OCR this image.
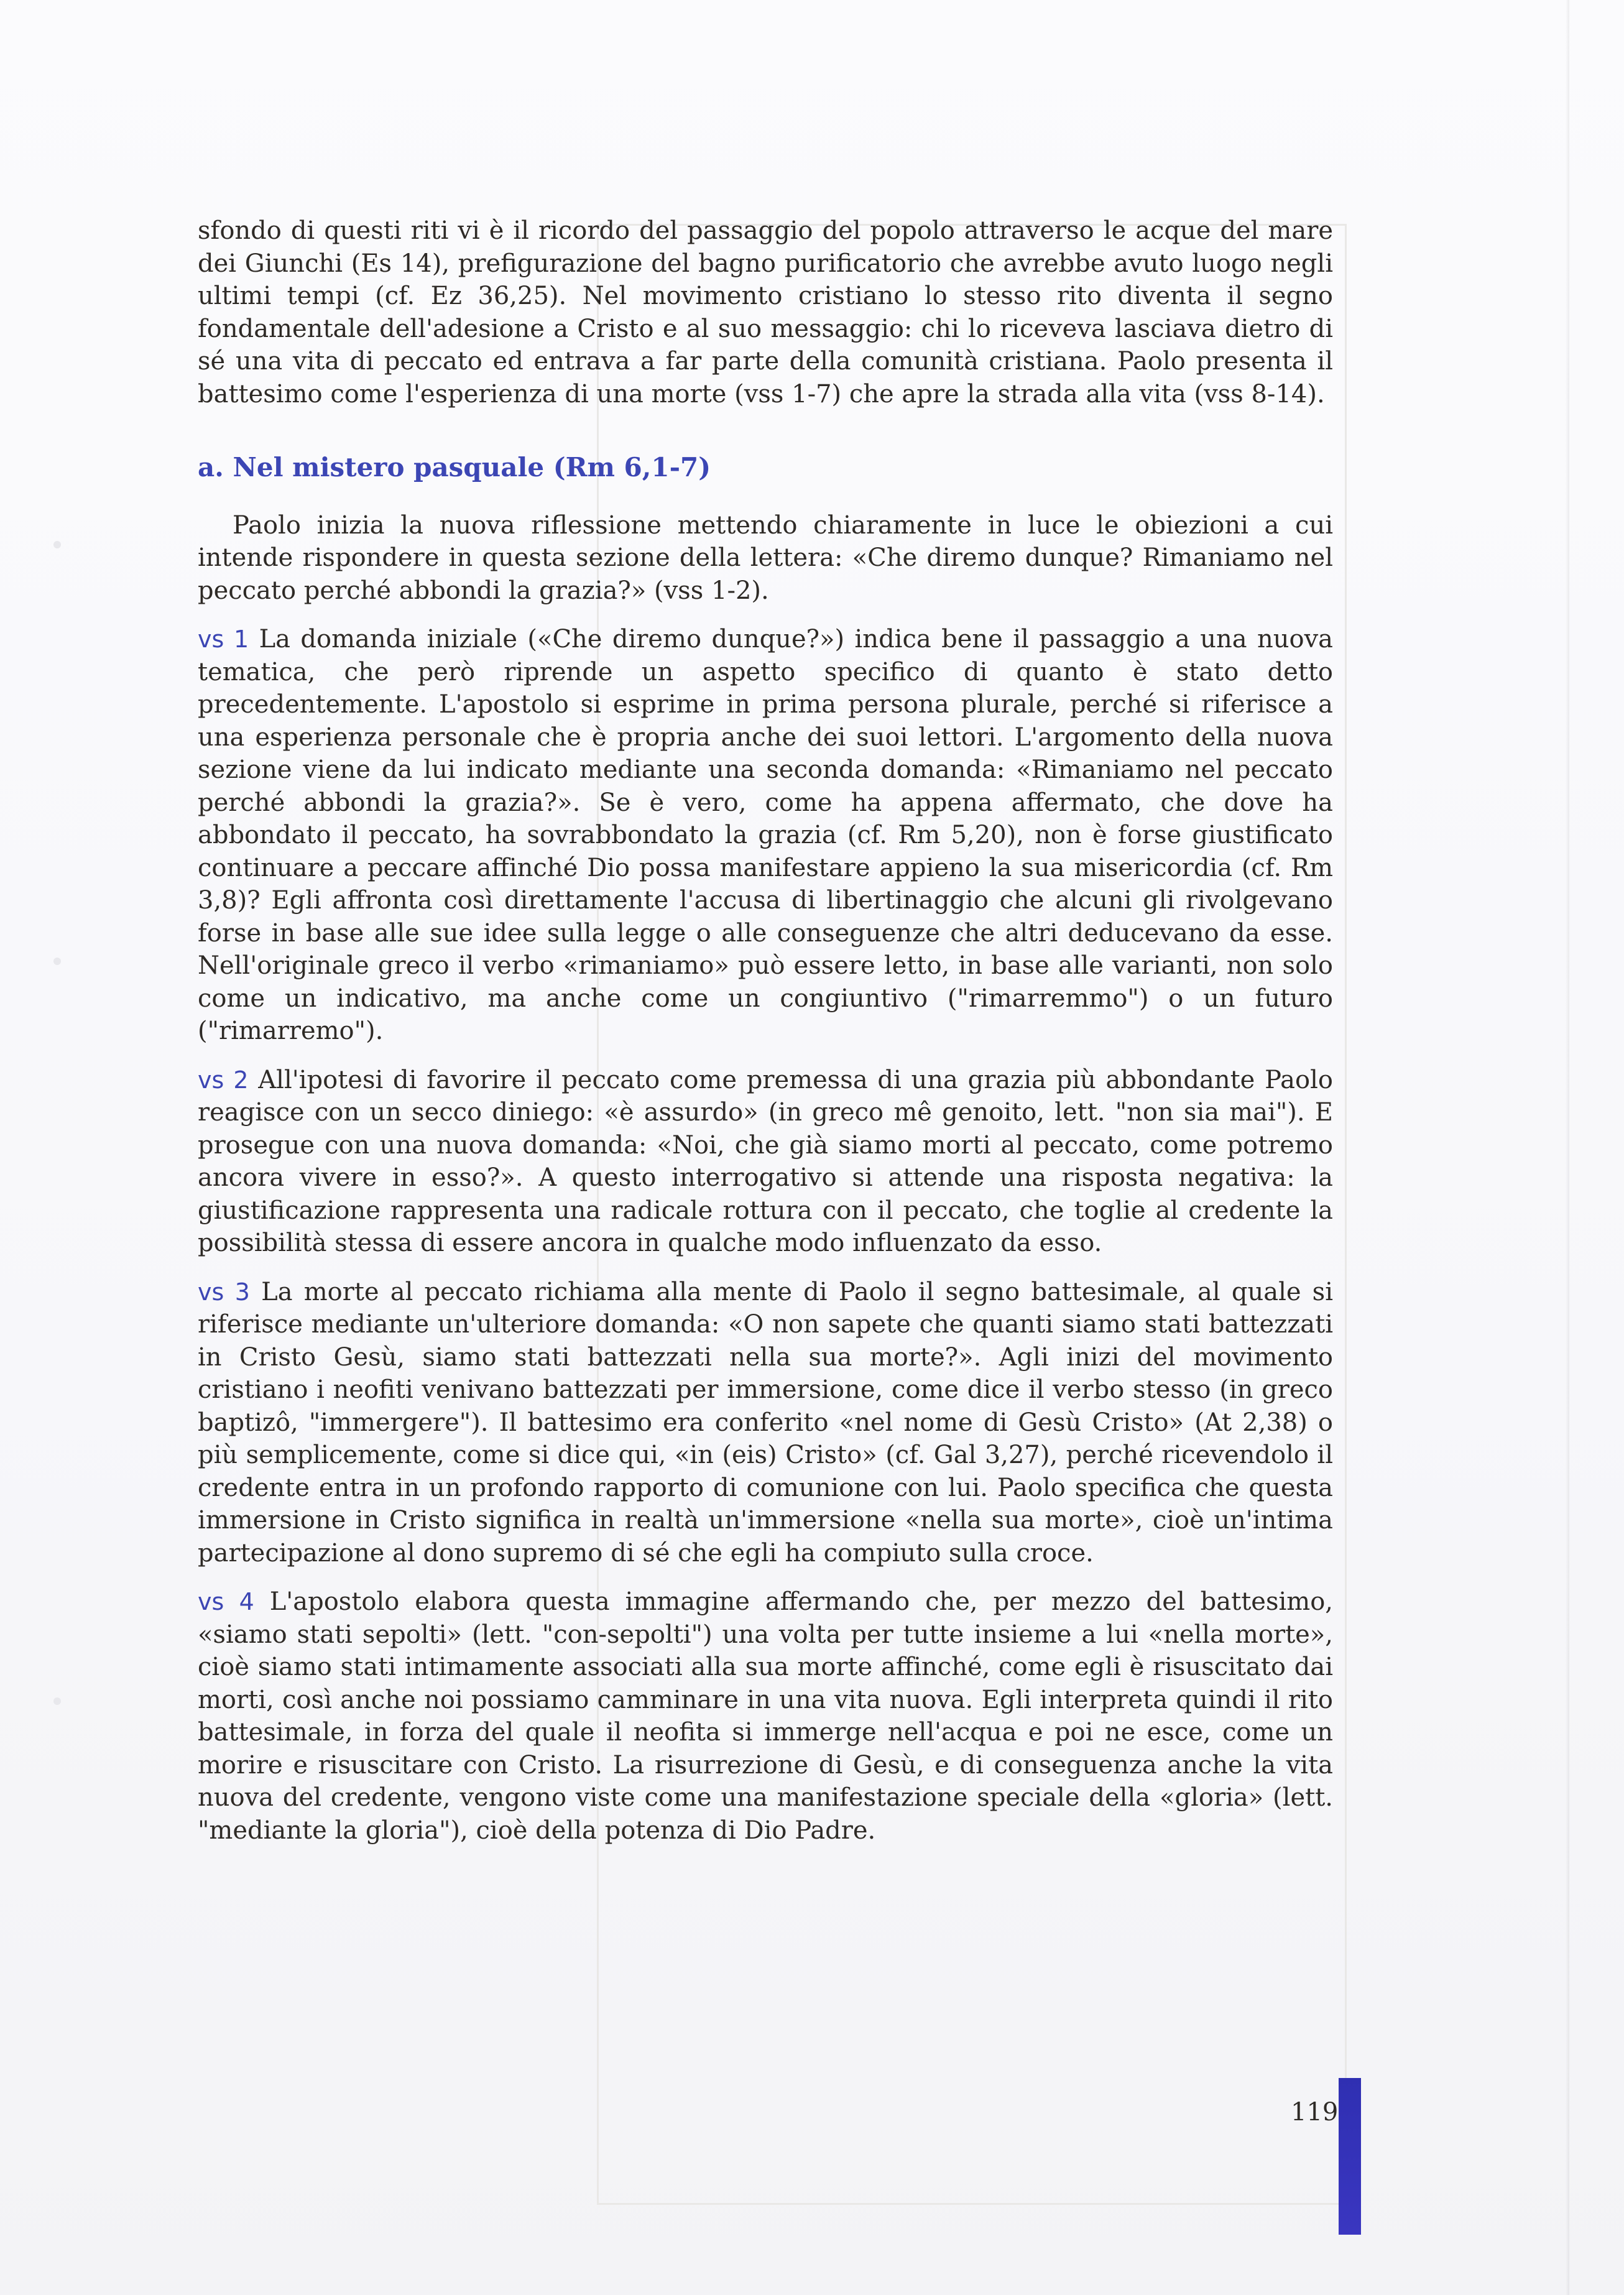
sfondo di questi riti vi è il ricordo del passaggio del popolo attraverso le acque del mare dei Giunchi (Es 14), prefigurazione del bagno purificatorio che avrebbe avuto luogo negli ultimi tempi (cf. Ez 36,25). Nel movimento cristiano lo stesso rito diventa il segno fondamentale dell'adesione a Cristo e al suo messaggio: chi lo riceveva lasciava dietro di sé una vita di peccato ed entrava a far parte della comunità cristiana. Paolo presenta il battesimo come l'esperienza di una morte (vss 1-7) che apre la strada alla vita (vss 8-14).

a. Nel mistero pasquale (Rm 6,1-7)

Paolo inizia la nuova riflessione mettendo chiaramente in luce le obiezioni a cui intende rispondere in questa sezione della lettera: «Che diremo dunque? Rimaniamo nel peccato perché abbondi la grazia?» (vss 1-2).

vs 1 La domanda iniziale («Che diremo dunque?») indica bene il passaggio a una nuova tematica, che però riprende un aspetto specifico di quanto è stato detto precedentemente. L'apostolo si esprime in prima persona plurale, perché si riferisce a una esperienza personale che è propria anche dei suoi lettori. L'argomento della nuova sezione viene da lui indicato mediante una seconda domanda: «Rimaniamo nel peccato perché abbondi la grazia?». Se è vero, come ha appena affermato, che dove ha abbondato il peccato, ha sovrabbondato la grazia (cf. Rm 5,20), non è forse giustificato continuare a peccare affinché Dio possa manifestare appieno la sua misericordia (cf. Rm 3,8)? Egli affronta così direttamente l'accusa di libertinaggio che alcuni gli rivolgevano forse in base alle sue idee sulla legge o alle conseguenze che altri deducevano da esse. Nell'originale greco il verbo «rimaniamo» può essere letto, in base alle varianti, non solo come un indicativo, ma anche come un congiuntivo ("rimarremmo") o un futuro ("rimarremo").

vs 2 All'ipotesi di favorire il peccato come premessa di una grazia più abbondante Paolo reagisce con un secco diniego: «è assurdo» (in greco mê genoito, lett. "non sia mai"). E prosegue con una nuova domanda: «Noi, che già siamo morti al peccato, come potremo ancora vivere in esso?». A questo interrogativo si attende una risposta negativa: la giustificazione rappresenta una radicale rottura con il peccato, che toglie al credente la possibilità stessa di essere ancora in qualche modo influenzato da esso.

vs 3 La morte al peccato richiama alla mente di Paolo il segno battesimale, al quale si riferisce mediante un'ulteriore domanda: «O non sapete che quanti siamo stati battezzati in Cristo Gesù, siamo stati battezzati nella sua morte?». Agli inizi del movimento cristiano i neofiti venivano battezzati per immersione, come dice il verbo stesso (in greco baptizô, "immergere"). Il battesimo era conferito «nel nome di Gesù Cristo» (At 2,38) o più semplicemente, come si dice qui, «in (eis) Cristo» (cf. Gal 3,27), perché ricevendolo il credente entra in un profondo rapporto di comunione con lui. Paolo specifica che questa immersione in Cristo significa in realtà un'immersione «nella sua morte», cioè un'intima partecipazione al dono supremo di sé che egli ha compiuto sulla croce.

vs 4 L'apostolo elabora questa immagine affermando che, per mezzo del battesimo, «siamo stati sepolti» (lett. "con-sepolti") una volta per tutte insieme a lui «nella morte», cioè siamo stati intimamente associati alla sua morte affinché, come egli è risuscitato dai morti, così anche noi possiamo camminare in una vita nuova. Egli interpreta quindi il rito battesimale, in forza del quale il neofita si immerge nell'acqua e poi ne esce, come un morire e risuscitare con Cristo. La risurrezione di Gesù, e di conseguenza anche la vita nuova del credente, vengono viste come una manifestazione speciale della «gloria» (lett. "mediante la gloria"), cioè della potenza di Dio Padre.

119
